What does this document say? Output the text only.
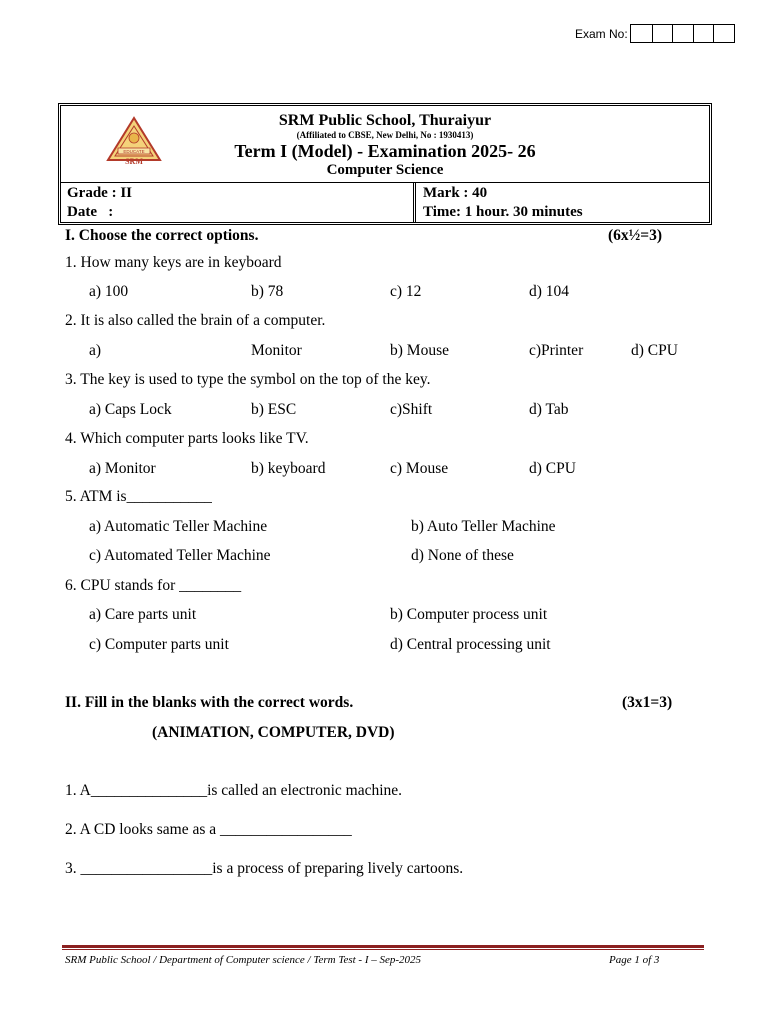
Exam No:
EDUCATE
SRM
SRM Public School, Thuraiyur
(Affiliated to CBSE, New Delhi, No : 1930413)
Term I (Model) - Examination 2025- 26
Computer Science
Grade : II
Date   :
Mark : 40
Time: 1 hour. 30 minutes
I. Choose the correct options.	(6x½=3)
1. How many keys are in keyboard
a) 100	b) 78	c) 12	d) 104
2. It is also called the brain of a computer.
a)	Monitor	b) Mouse	c)Printer	d) CPU
3. The key is used to type the symbol on the top of the key.
a) Caps Lock	b) ESC	c)Shift	d) Tab
4. Which computer parts looks like TV.
a) Monitor	b) keyboard	c) Mouse	d) CPU
5. ATM is___________
a) Automatic Teller Machine	b) Auto Teller Machine
c) Automated Teller Machine	d) None of these
6. CPU stands for ________
a) Care parts unit	b) Computer process unit
c) Computer parts unit	d) Central processing unit
II. Fill in the blanks with the correct words.	(3x1=3)
(ANIMATION, COMPUTER, DVD)
1. A_______________is called an electronic machine.
2. A CD looks same as a _________________
3. _________________is a process of preparing lively cartoons.
SRM Public School / Department of Computer science / Term Test - I – Sep-2025	Page 1 of 3
